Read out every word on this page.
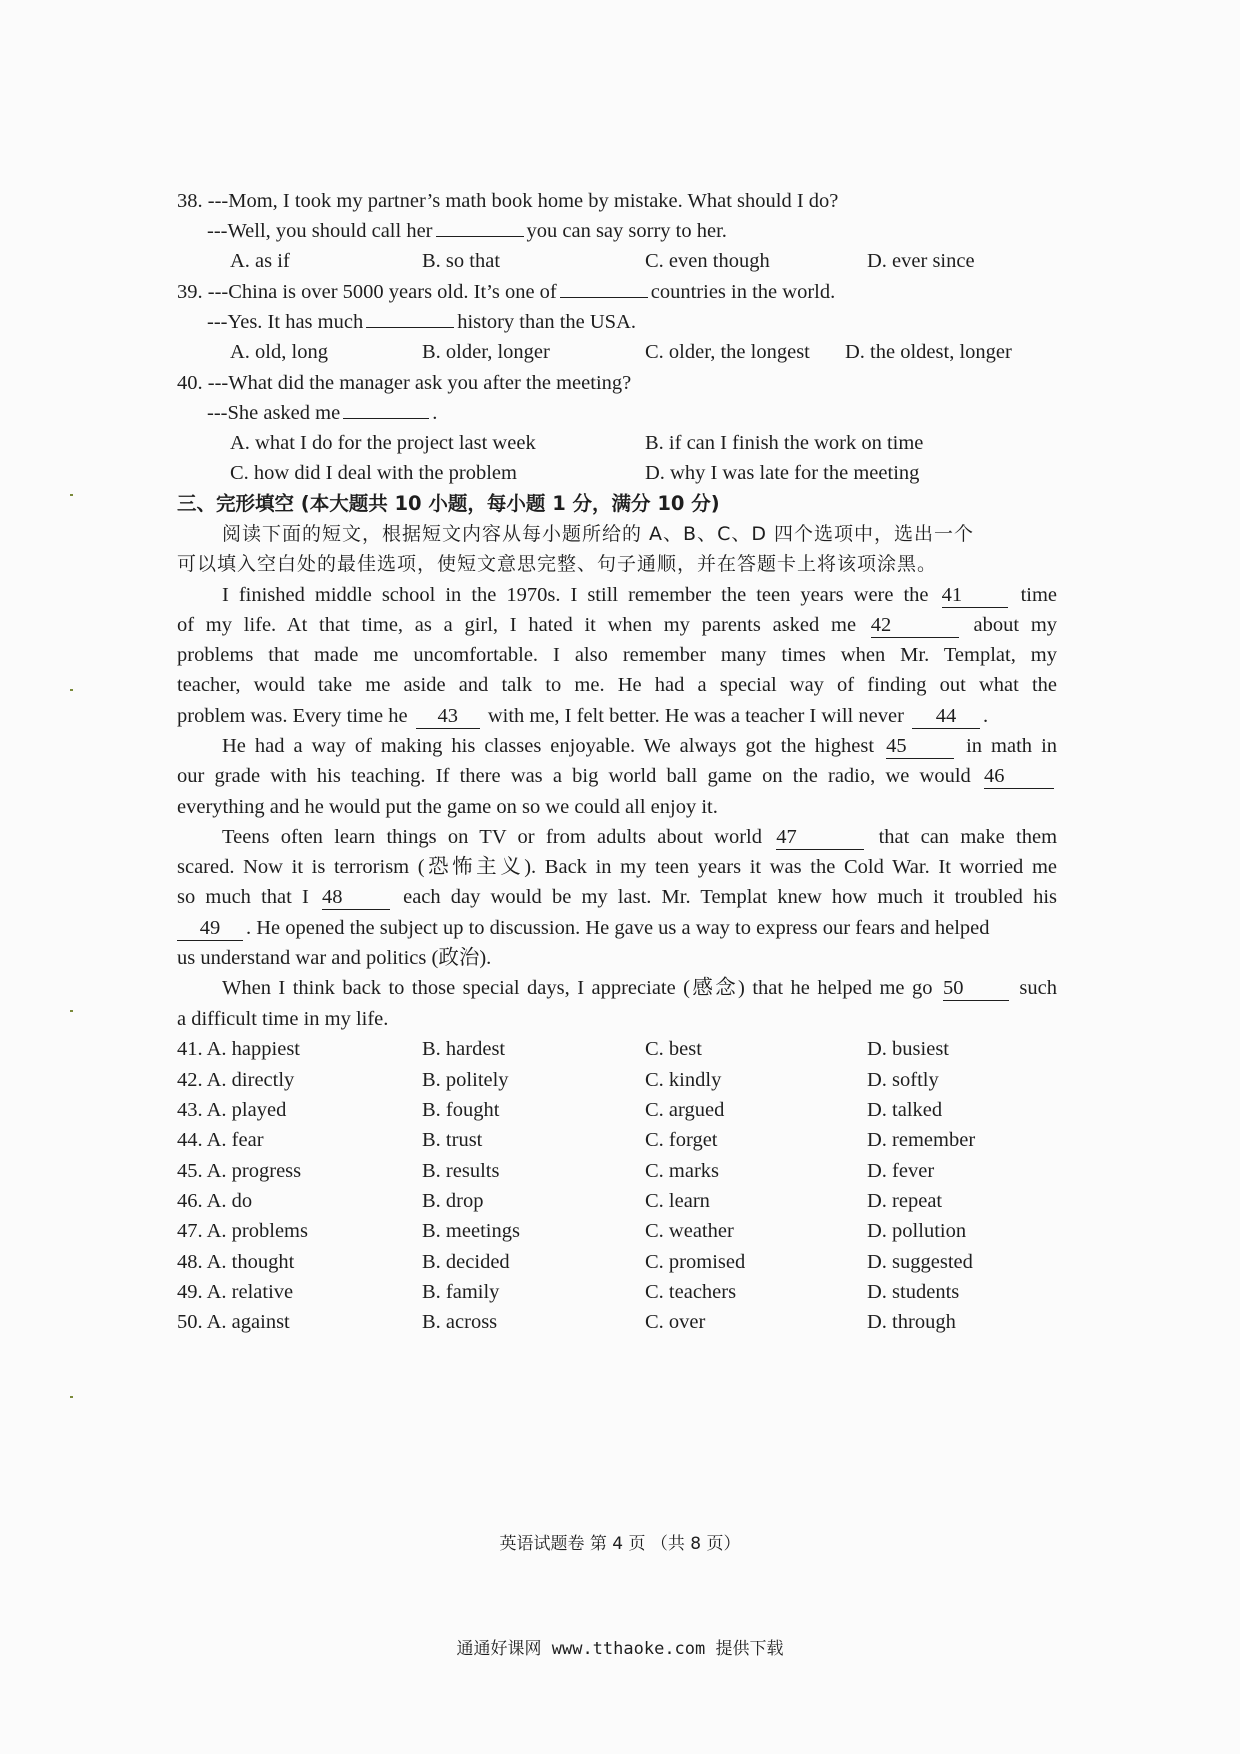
38. ---Mom, I took my partner’s math book home by mistake. What should I do?
---Well, you should call her	you can say sorry to her.
A. as if	B. so that	C. even though	D. ever since
39. ---China is over 5000 years old. It’s one of	countries in the world.
---Yes. It has much	history than the USA.
A. old, long	B. older, longer	C. older, the longest D. the oldest, longer
40. ---What did the manager ask you after the meeting?
---She asked me	.
A. what I do for the project last week	B. if can I finish the work on time
C. how did I deal with the problem	D. why I was late for the meeting
三、完形填空 (本大题共 10 小题，每小题 1 分，满分 10 分)
阅读下面的短文，根据短文内容从每小题所给的 A、B、C、D 四个选项中，选出一个
可以填入空白处的最佳选项，使短文意思完整、句子通顺，并在答题卡上将该项涂黑。
I finished middle school in the 1970s. I still remember the teen years were the 41	time
of my life. At that time, as a girl, I hated it when my parents asked me 42	about my
problems that made me uncomfortable. I also remember many times when Mr. Templat, my
teacher, would take me aside and talk to me. He had a special way of finding out what the
problem was. Every time he 43 with me, I felt better. He was a teacher I will never 44 .
He had a way of making his classes enjoyable. We always got the highest 45	in math in
our grade with his teaching. If there was a big world ball game on the radio, we would 46
everything and he would put the game on so we could all enjoy it.
Teens often learn things on TV or from adults about world 47	that can make them
scared. Now it is terrorism (恐怖主义). Back in my teen years it was the Cold War. It worried me
so much that I 48	each day would be my last. Mr. Templat knew how much it troubled his
49 . He opened the subject up to discussion. He gave us a way to express our fears and helped
us understand war and politics (政治).
When I think back to those special days, I appreciate (感念) that he helped me go 50	such
a difficult time in my life.
41. A. happiest	B. hardest	C. best	D. busiest
42. A. directly	B. politely	C. kindly	D. softly
43. A. played	B. fought	C. argued	D. talked
44. A. fear	B. trust	C. forget	D. remember
45. A. progress	B. results	C. marks	D. fever
46. A. do	B. drop	C. learn	D. repeat
47. A. problems	B. meetings	C. weather	D. pollution
48. A. thought	B. decided	C. promised	D. suggested
49. A. relative	B. family	C. teachers	D. students
50. A. against	B. across	C. over	D. through
英语试题卷 第 4 页 （共 8 页）
通通好课网 www.tthaoke.com 提供下载
